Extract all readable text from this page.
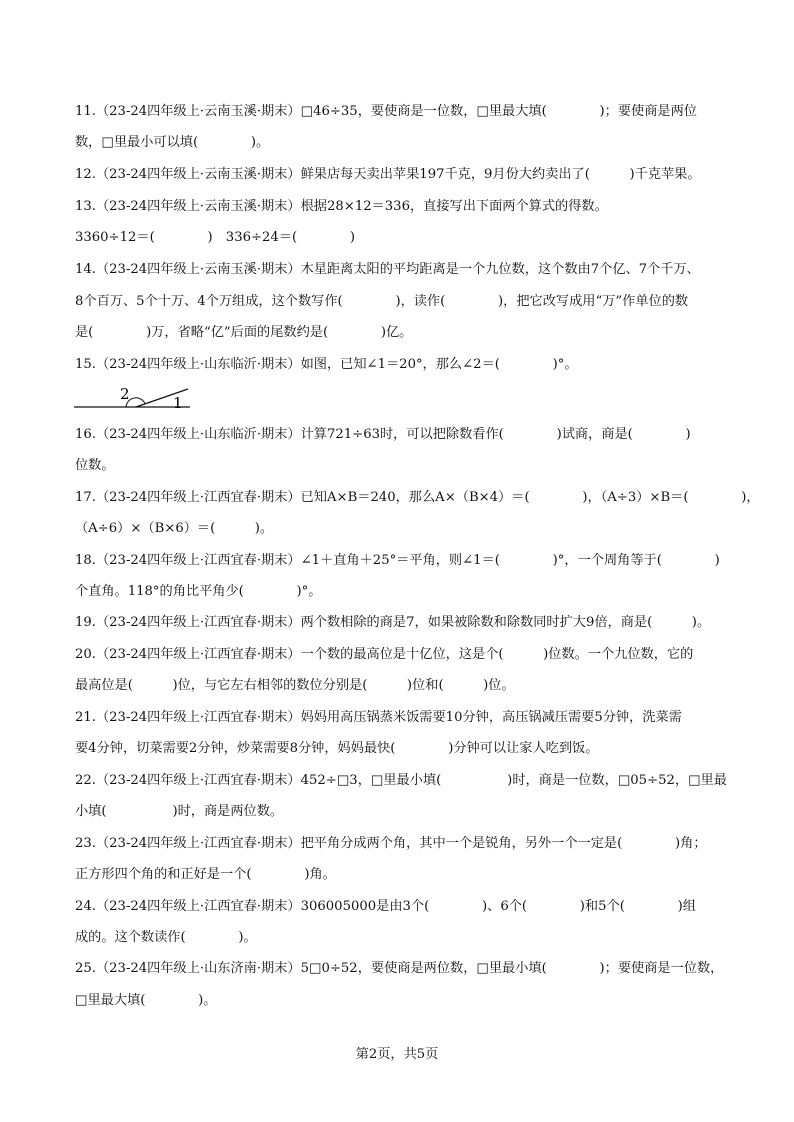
11.（23-24四年级上·云南玉溪·期末）□46÷35，要使商是一位数，□里最大填(　　　　)；要使商是两位
数，□里最小可以填(　　　　)。
12.（23-24四年级上·云南玉溪·期末）鲜果店每天卖出苹果197千克，9月份大约卖出了(　　　)千克苹果。
13.（23-24四年级上·云南玉溪·期末）根据28×12＝336，直接写出下面两个算式的得数。
3360÷12＝(　　　　)　336÷24＝(　　　　)
14.（23-24四年级上·云南玉溪·期末）木星距离太阳的平均距离是一个九位数，这个数由7个亿、7个千万、
8个百万、5个十万、4个万组成，这个数写作(　　　　)，读作(　　　　)，把它改写成用“万”作单位的数
是(　　　　)万，省略“亿”后面的尾数约是(　　　　)亿。
15.（23-24四年级上·山东临沂·期末）如图，已知∠1＝20°，那么∠2＝(　　　　)°。
2	1
16.（23-24四年级上·山东临沂·期末）计算721÷63时，可以把除数看作(　　　　)试商，商是(　　　　)
位数。
17.（23-24四年级上·江西宜春·期末）已知A×B＝240，那么A×（B×4）＝(　　　　)，（A÷3）×B＝(　　　　)，
（A÷6）×（B×6）＝(　　　)。
18.（23-24四年级上·江西宜春·期末）∠1＋直角＋25°＝平角，则∠1＝(　　　　)°，一个周角等于(　　　　)
个直角。118°的角比平角少(　　　　)°。
19.（23-24四年级上·江西宜春·期末）两个数相除的商是7，如果被除数和除数同时扩大9倍，商是(　　　)。
20.（23-24四年级上·江西宜春·期末）一个数的最高位是十亿位，这是个(　　　)位数。一个九位数，它的
最高位是(　　　)位，与它左右相邻的数位分别是(　　　)位和(　　　)位。
21.（23-24四年级上·江西宜春·期末）妈妈用高压锅蒸米饭需要10分钟，高压锅减压需要5分钟，洗菜需
要4分钟，切菜需要2分钟，炒菜需要8分钟，妈妈最快(　　　　)分钟可以让家人吃到饭。
22.（23-24四年级上·江西宜春·期末）452÷□3，□里最小填(　　　　　)时，商是一位数，□05÷52，□里最
小填(　　　　　)时，商是两位数。
23.（23-24四年级上·江西宜春·期末）把平角分成两个角，其中一个是锐角，另外一个一定是(　　　　)角；
正方形四个角的和正好是一个(　　　　)角。
24.（23-24四年级上·江西宜春·期末）306005000是由3个(　　　　)、6个(　　　　)和5个(　　　　)组
成的。这个数读作(　　　　)。
25.（23-24四年级上·山东济南·期末）5□0÷52，要使商是两位数，□里最小填(　　　　)；要使商是一位数，
□里最大填(　　　　)。
第2页，共5页
